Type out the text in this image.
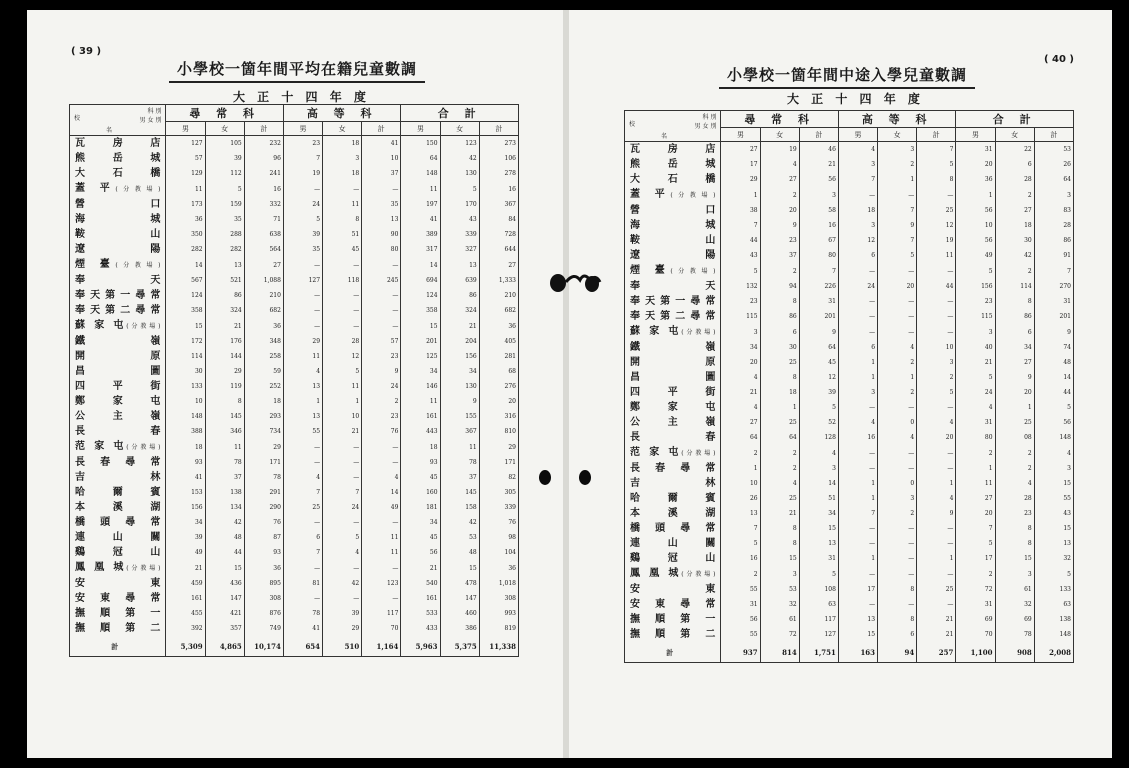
( 39 )
小學校一箇年間平均在籍兒童數調
大 正 十 四 年 度
科 別
男 女 別
校
名	尋 常 科			高 等 科			合 計		
	男	女	計	男	女	計	男	女	計
瓦 房 店	127	105	232	23	18	41	150	123	273
熊 岳 城	57	39	96	7	3	10	64	42	106
大 石 橋	129	112	241	19	18	37	148	130	278
蓋 平(分教場)	11	5	16	—	—	—	11	5	16
營 口	173	159	332	24	11	35	197	170	367
海 城	36	35	71	5	8	13	41	43	84
鞍 山	350	288	638	39	51	90	389	339	728
遼 陽	282	282	564	35	45	80	317	327	644
煙 臺(分教場)	14	13	27	—	—	—	14	13	27
奉 天	567	521	1,088	127	118	245	694	639	1,333
奉天第一尋常	124	86	210	—	—	—	124	86	210
奉天第二尋常	358	324	682	—	—	—	358	324	682
蘇 家 屯(分教場)	15	21	36	—	—	—	15	21	36
鐵 嶺	172	176	348	29	28	57	201	204	405
開 原	114	144	258	11	12	23	125	156	281
昌 圖	30	29	59	4	5	9	34	34	68
四 平 街	133	119	252	13	11	24	146	130	276
鄭 家 屯	10	8	18	1	1	2	11	9	20
公 主 嶺	148	145	293	13	10	23	161	155	316
長 春	388	346	734	55	21	76	443	367	810
范 家 屯(分教場)	18	11	29	—	—	—	18	11	29
長 春 尋 常	93	78	171	—	—	—	93	78	171
吉 林	41	37	78	4	—	4	45	37	82
哈 爾 賓	153	138	291	7	7	14	160	145	305
本 溪 湖	156	134	290	25	24	49	181	158	339
橋 頭 尋 常	34	42	76	—	—	—	34	42	76
連 山 關	39	48	87	6	5	11	45	53	98
鷄 冠 山	49	44	93	7	4	11	56	48	104
鳳 凰 城(分教場)	21	15	36	—	—	—	21	15	36
安 東	459	436	895	81	42	123	540	478	1,018
安 東 尋 常	161	147	308	—	—	—	161	147	308
撫 順 第 一	455	421	876	78	39	117	533	460	993
撫 順 第 二	392	357	749	41	29	70	433	386	819
計	5,309	4,865	10,174	654	510	1,164	5,963	5,375	11,338
( 40 )
小學校一箇年間中途入學兒童數調
大 正 十 四 年 度
科 別
男 女 別
校
名	尋 常 科			高 等 科			合 計		
	男	女	計	男	女	計	男	女	計
瓦 房 店	27	19	46	4	3	7	31	22	53
熊 岳 城	17	4	21	3	2	5	20	6	26
大 石 橋	29	27	56	7	1	8	36	28	64
蓋 平(分教場)	1	2	3	—	—	—	1	2	3
營 口	38	20	58	18	7	25	56	27	83
海 城	7	9	16	3	9	12	10	18	28
鞍 山	44	23	67	12	7	19	56	30	86
遼 陽	43	37	80	6	5	11	49	42	91
煙 臺(分教場)	5	2	7	—	—	—	5	2	7
奉 天	132	94	226	24	20	44	156	114	270
奉天第一尋常	23	8	31	—	—	—	23	8	31
奉天第二尋常	115	86	201	—	—	—	115	86	201
蘇 家 屯(分教場)	3	6	9	—	—	—	3	6	9
鐵 嶺	34	30	64	6	4	10	40	34	74
開 原	20	25	45	1	2	3	21	27	48
昌 圖	4	8	12	1	1	2	5	9	14
四 平 街	21	18	39	3	2	5	24	20	44
鄭 家 屯	4	1	5	—	—	—	4	1	5
公 主 嶺	27	25	52	4	0	4	31	25	56
長 春	64	64	128	16	4	20	80	08	148
范 家 屯(分教場)	2	2	4	—	—	—	2	2	4
長 春 尋 常	1	2	3	—	—	—	1	2	3
吉 林	10	4	14	1	0	1	11	4	15
哈 爾 賓	26	25	51	1	3	4	27	28	55
本 溪 湖	13	21	34	7	2	9	20	23	43
橋 頭 尋 常	7	8	15	—	—	—	7	8	15
連 山 關	5	8	13	—	—	—	5	8	13
鷄 冠 山	16	15	31	1	—	1	17	15	32
鳳 凰 城(分教場)	2	3	5	—	—	—	2	3	5
安 東	55	53	108	17	8	25	72	61	133
安 東 尋 常	31	32	63	—	—	—	31	32	63
撫 順 第 一	56	61	117	13	8	21	69	69	138
撫 順 第 二	55	72	127	15	6	21	70	78	148
計	937	814	1,751	163	94	257	1,100	908	2,008
